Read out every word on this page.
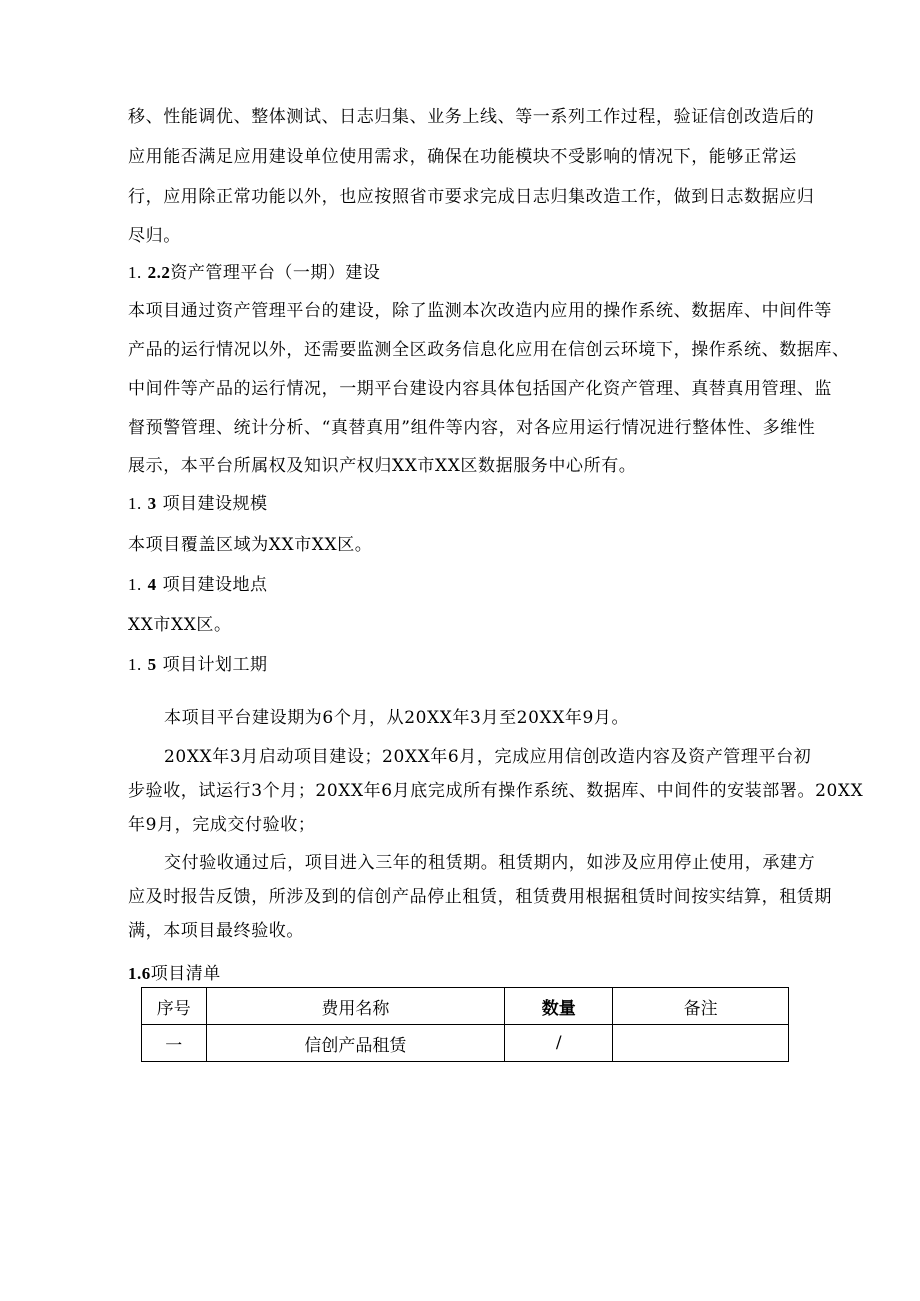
移、性能调优、整体测试、日志归集、业务上线、等一系列工作过程，验证信创改造后的
应用能否满足应用建设单位使用需求，确保在功能模块不受影响的情况下，能够正常运
行，应用除正常功能以外，也应按照省市要求完成日志归集改造工作，做到日志数据应归
尽归。
1. 2.2资产管理平台（一期）建设
本项目通过资产管理平台的建设，除了监测本次改造内应用的操作系统、数据库、中间件等
产品的运行情况以外，还需要监测全区政务信息化应用在信创云环境下，操作系统、数据库、
中间件等产品的运行情况，一期平台建设内容具体包括国产化资产管理、真替真用管理、监
督预警管理、统计分析、“真替真用”组件等内容，对各应用运行情况进行整体性、多维性
展示，本平台所属权及知识产权归XX市XX区数据服务中心所有。
1. 3 项目建设规模
本项目覆盖区域为XX市XX区。
1. 4 项目建设地点
XX市XX区。
1. 5 项目计划工期
本项目平台建设期为6个月，从20XX年3月至20XX年9月。
20XX年3月启动项目建设；20XX年6月，完成应用信创改造内容及资产管理平台初
步验收，试运行3个月；20XX年6月底完成所有操作系统、数据库、中间件的安装部署。20XX
年9月，完成交付验收；
交付验收通过后，项目进入三年的租赁期。租赁期内，如涉及应用停止使用，承建方
应及时报告反馈，所涉及到的信创产品停止租赁，租赁费用根据租赁时间按实结算，租赁期
满，本项目最终验收。
1.6项目清单
序号	费用名称	数量	备注
一	信创产品租赁	/	
